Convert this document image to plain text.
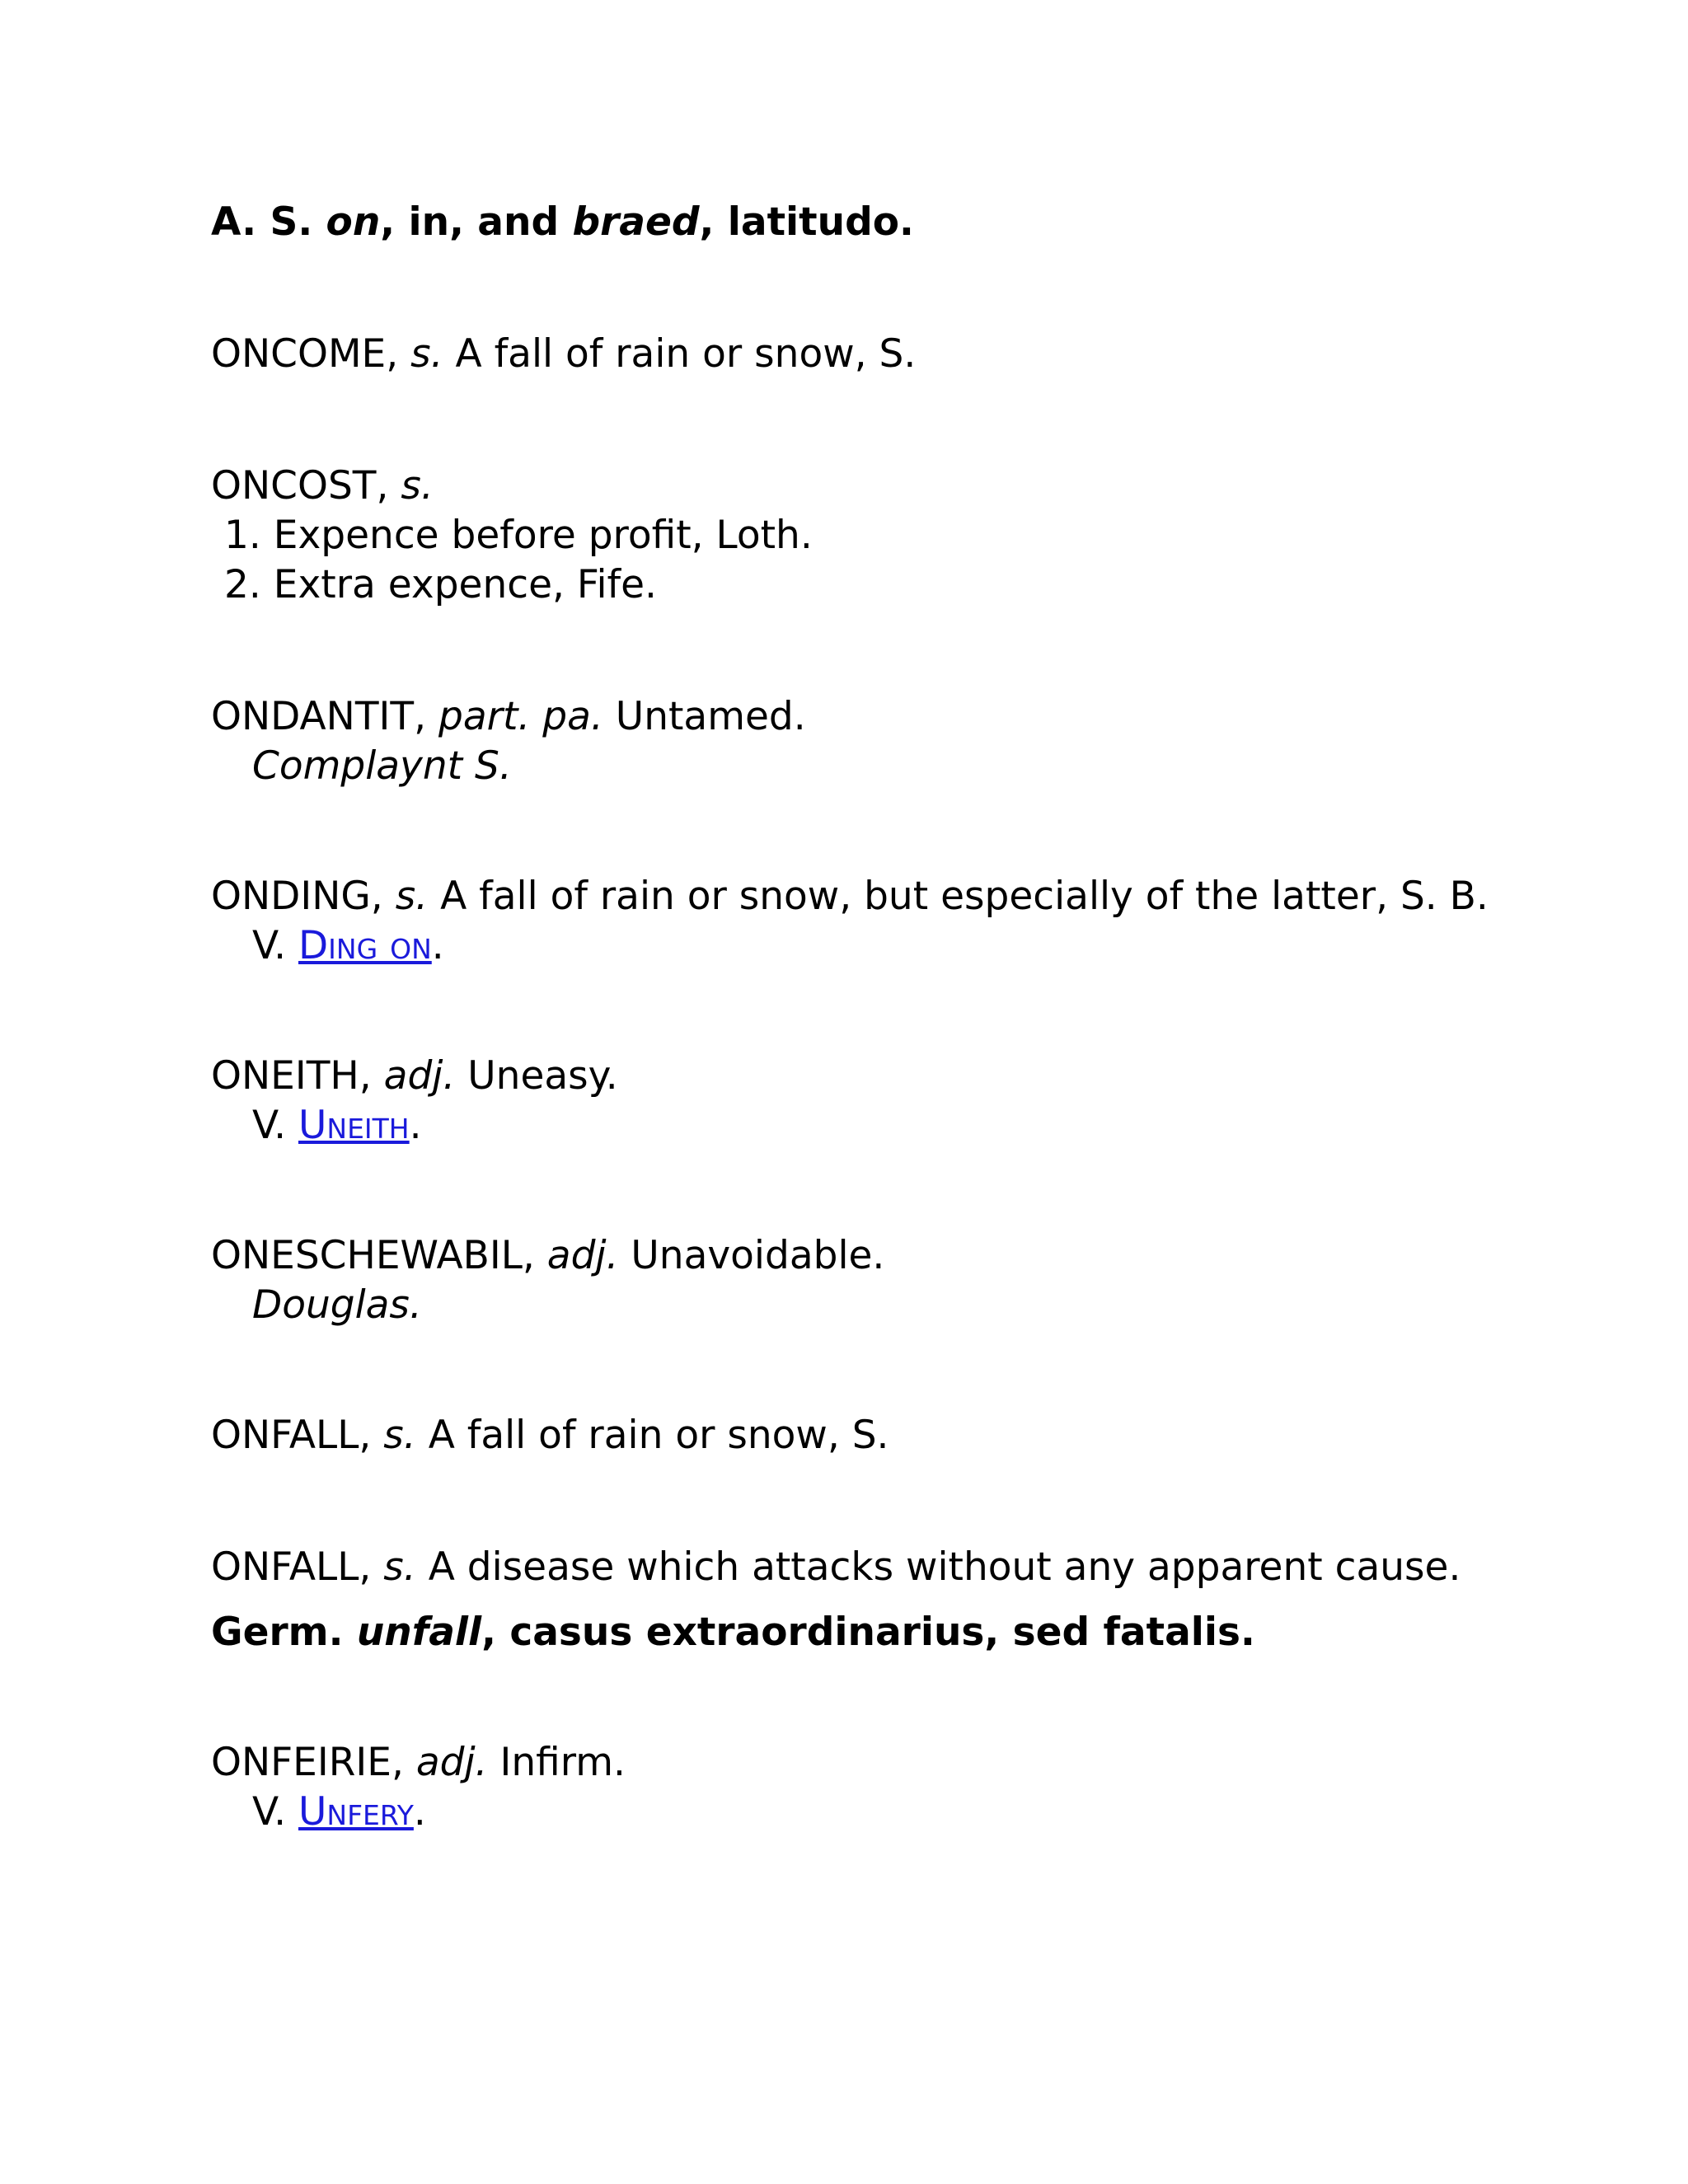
A. S. on, in, and braed, latitudo.
ONCOME, s. A fall of rain or snow, S.
ONCOST, s.
1. Expence before profit, Loth.
2. Extra expence, Fife.
ONDANTIT, part. pa. Untamed.
Complaynt S.
ONDING, s. A fall of rain or snow, but especially of the latter, S. B.
V. Ding on.
ONEITH, adj. Uneasy.
V. Uneith.
ONESCHEWABIL, adj. Unavoidable.
Douglas.
ONFALL, s. A fall of rain or snow, S.
ONFALL, s. A disease which attacks without any apparent cause.
Germ. unfall, casus extraordinarius, sed fatalis.
ONFEIRIE, adj. Infirm.
V. Unfery.
